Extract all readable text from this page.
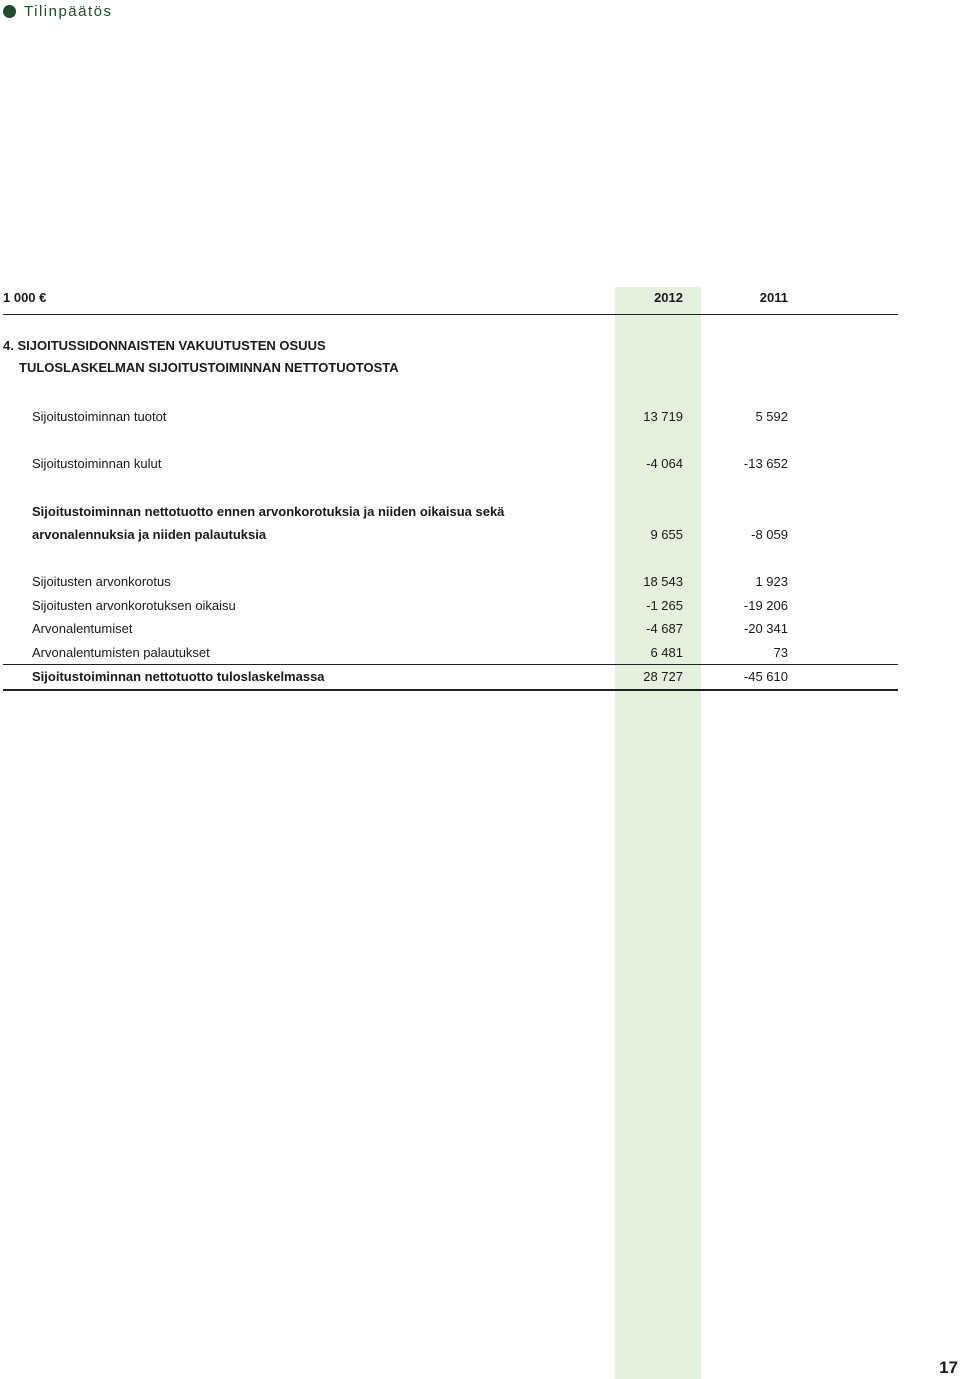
Tilinpäätös
1 000 €	2012	2011
4. SIJOITUSSIDONNAISTEN VAKUUTUSTEN OSUUS
TULOSLASKELMAN SIJOITUSTOIMINNAN NETTOTUOTOSTA
Sijoitustoiminnan tuotot	13 719	5 592
Sijoitustoiminnan kulut	-4 064	-13 652
Sijoitustoiminnan nettotuotto ennen arvonkorotuksia ja niiden oikaisua sekä
arvonalennuksia ja niiden palautuksia	9 655	-8 059
Sijoitusten arvonkorotus	18 543	1 923
Sijoitusten arvonkorotuksen oikaisu	-1 265	-19 206
Arvonalentumiset	-4 687	-20 341
Arvonalentumisten palautukset	6 481	73
Sijoitustoiminnan nettotuotto tuloslaskelmassa	28 727	-45 610
17
